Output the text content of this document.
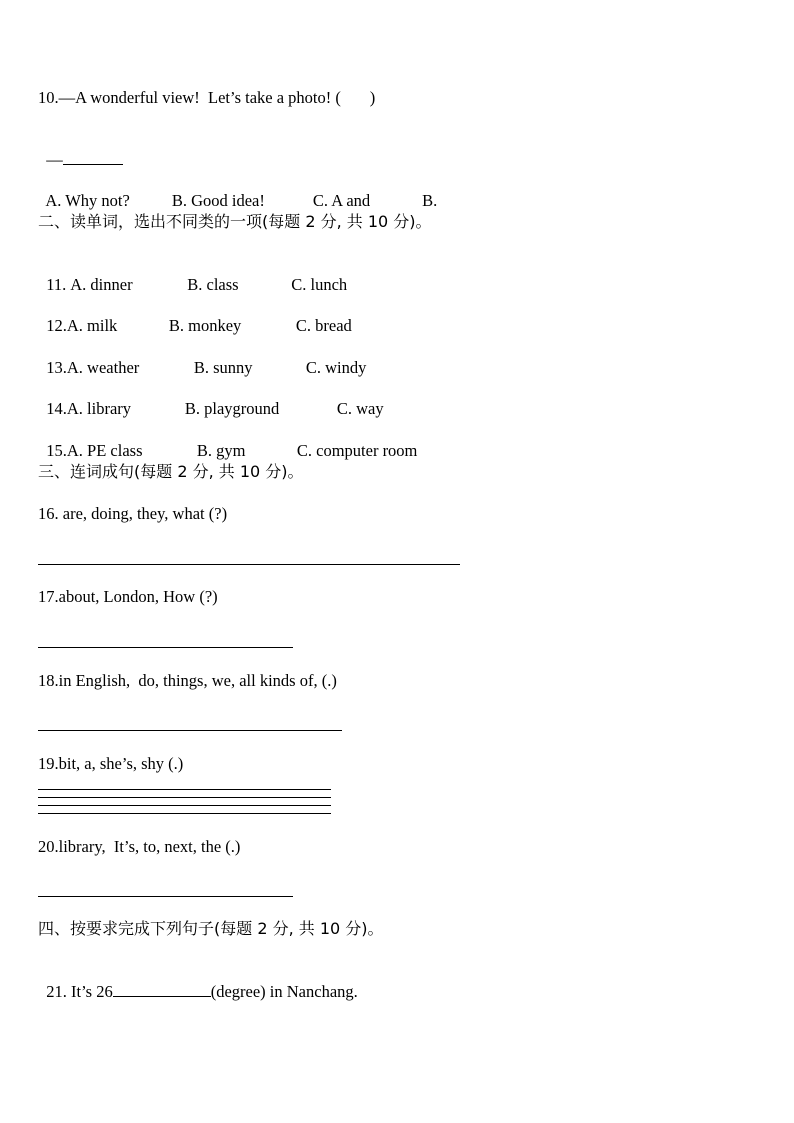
10.—A wonderful view!  Let’s take a photo! (       )

—

A. Why not?	B. Good idea!	C. A and	B.

二、读单词，选出不同类的一项(每题 2 分, 共 10 分)。

11. A. dinner	B. class	C. lunch

12.A. milk	B. monkey	C. bread

13.A. weather	B. sunny	C. windy

14.A. library	B. playground	C. way

15.A. PE class	B. gym	C. computer room

三、连词成句(每题 2 分, 共 10 分)。
16. are, doing, they, what (?)
17.about, London, How (?)
18.in English,  do, things, we, all kinds of, (.)
19.bit, a, she’s, shy (.)
20.library,  It’s, to, next, the (.)
四、按要求完成下列句子(每题 2 分, 共 10 分)。

21. It’s 26	(degree) in Nanchang.
